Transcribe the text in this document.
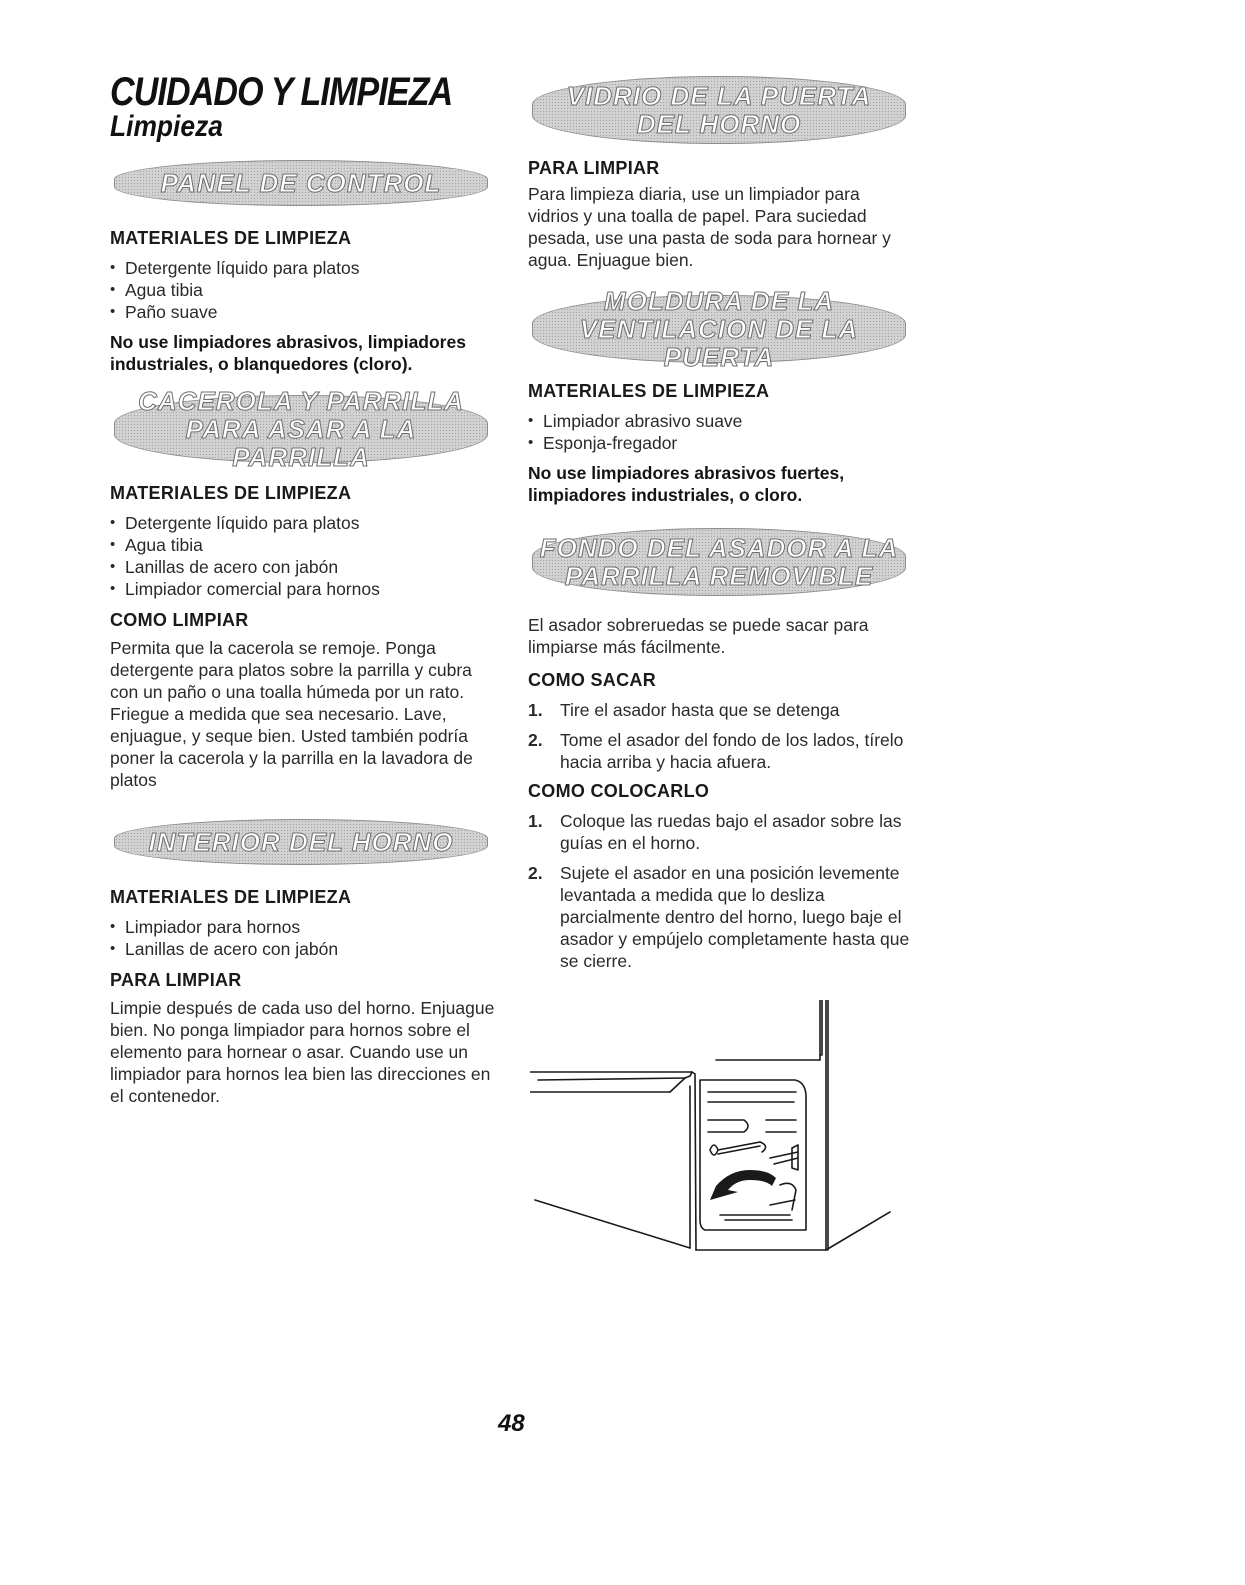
CUIDADO Y LIMPIEZA
Limpieza
PANEL DE CONTROL
MATERIALES DE LIMPIEZA
• Detergente líquido para platos
• Agua tibia
• Paño suave

No use limpiadores abrasivos, limpiadores industriales, o blanquedores (cloro).

CACEROLA Y PARRILLA
PARA ASAR A LA PARRILLA
MATERIALES DE LIMPIEZA
• Detergente líquido para platos
• Agua tibia
• Lanillas de acero con jabón
• Limpiador comercial para hornos
COMO LIMPIAR

Permita que la cacerola se remoje. Ponga detergente para platos sobre la parrilla y cubra con un paño o una toalla húmeda por un rato. Friegue a medida que sea necesario. Lave, enjuague, y seque bien. Usted también podría poner la cacerola y la parrilla en la lavadora de platos

INTERIOR DEL HORNO
MATERIALES DE LIMPIEZA
• Limpiador para hornos
• Lanillas de acero con jabón
PARA LIMPIAR

Limpie después de cada uso del horno. Enjuague bien. No ponga limpiador para hornos sobre el elemento para hornear o asar. Cuando use un limpiador para hornos lea bien las direcciones en el contenedor.

VIDRIO DE LA PUERTA
DEL HORNO
PARA LIMPIAR

Para limpieza diaria, use un limpiador para vidrios y una toalla de papel. Para suciedad pesada, use una pasta de soda para hornear y agua. Enjuague bien.

MOLDURA DE LA
VENTILACION DE LA PUERTA
MATERIALES DE LIMPIEZA
• Limpiador abrasivo suave
• Esponja-fregador

No use limpiadores abrasivos fuertes, limpiadores industriales, o cloro.

FONDO DEL ASADOR A LA
PARRILLA REMOVIBLE

El asador sobreruedas se puede sacar para limpiarse más fácilmente.

COMO SACAR
1. Tire el asador hasta que se detenga
2. Tome el asador del fondo de los lados, tírelo hacia arriba y hacia afuera.
COMO COLOCARLO
1. Coloque las ruedas bajo el asador sobre las guías en el horno.
2. Sujete el asador en una posición levemente levantada a medida que lo desliza parcialmente dentro del horno, luego baje el asador y empújelo completamente hasta que se cierre.

48
